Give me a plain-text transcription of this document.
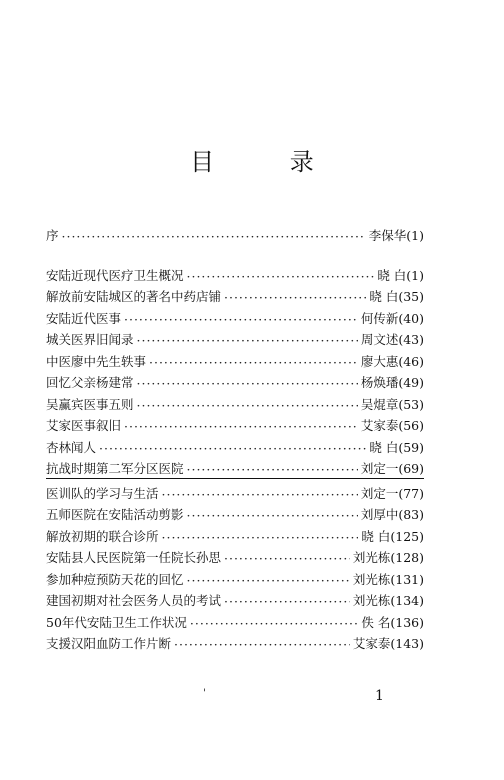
目 录
序 ·····	李保华(1)
安陆近现代医疗卫生概况 ·····	晓 白(1)
解放前安陆城区的著名中药店铺 ·····	晓 白(35)
安陆近代医事 ·····	何传新(40)
城关医界旧闻录 ·····	周文述(43)
中医廖中先生轶事 ·····	廖大惠(46)
回忆父亲杨建常 ·····	杨焕璠(49)
吴赢宾医事五则 ·····	吴焜章(53)
艾家医事叙旧 ·····	艾家泰(56)
杏林闻人 ·····	晓 白(59)
抗战时期第二军分区医院 ·····	刘定一(69)
医训队的学习与生活 ·····	刘定一(77)
五师医院在安陆活动剪影 ·····	刘厚中(83)
解放初期的联合诊所 ·····	晓 白(125)
安陆县人民医院第一任院长孙思 ·····	刘光栋(128)
参加种痘预防天花的回忆 ·····	刘光栋(131)
建国初期对社会医务人员的考试 ·····	刘光栋(134)
50年代安陆卫生工作状况 ·····	佚 名(136)
支援汉阳血防工作片断 ·····	艾家泰(143)
'	1
